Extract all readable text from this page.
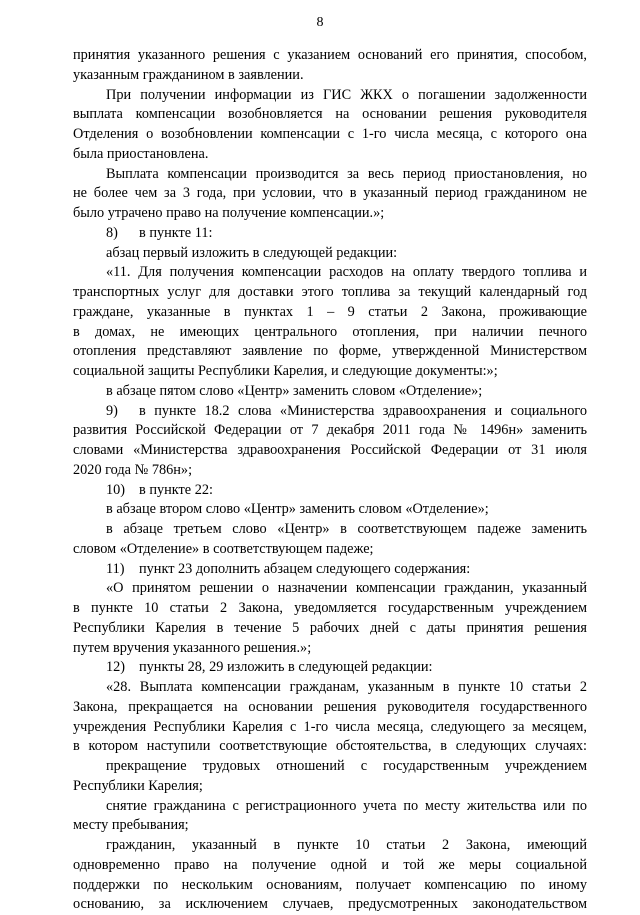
8
принятия указанного решения с указанием оснований его принятия, способом,
указанным гражданином в заявлении.
При получении информации из ГИС ЖКХ о погашении задолженности
выплата компенсации возобновляется на основании решения руководителя
Отделения о возобновлении компенсации с 1-го числа месяца, с которого она
была приостановлена.
Выплата компенсации производится за весь период приостановления, но
не более чем за 3 года, при условии, что в указанный период гражданином не
было утрачено право на получение компенсации.»;
8) в пункте 11:
абзац первый изложить в следующей редакции:
«11. Для получения компенсации расходов на оплату твердого топлива и
транспортных услуг для доставки этого топлива за текущий календарный год
граждане, указанные в пунктах 1 – 9 статьи 2 Закона, проживающие
в домах, не имеющих центрального отопления, при наличии печного
отопления представляют заявление по форме, утвержденной Министерством
социальной защиты Республики Карелия, и следующие документы:»;
в абзаце пятом слово «Центр» заменить словом «Отделение»;
9) в пункте 18.2 слова «Министерства здравоохранения и социального
развития Российской Федерации от 7 декабря 2011 года № 1496н» заменить
словами «Министерства здравоохранения Российской Федерации от 31 июля
2020 года № 786н»;
10) в пункте 22:
в абзаце втором слово «Центр» заменить словом «Отделение»;
в абзаце третьем слово «Центр» в соответствующем падеже заменить
словом «Отделение» в соответствующем падеже;
11) пункт 23 дополнить абзацем следующего содержания:
«О принятом решении о назначении компенсации гражданин, указанный
в пункте 10 статьи 2 Закона, уведомляется государственным учреждением
Республики Карелия в течение 5 рабочих дней с даты принятия решения
путем вручения указанного решения.»;
12) пункты 28, 29 изложить в следующей редакции:
«28. Выплата компенсации гражданам, указанным в пункте 10 статьи 2
Закона, прекращается на основании решения руководителя государственного
учреждения Республики Карелия с 1-го числа месяца, следующего за месяцем,
в котором наступили соответствующие обстоятельства, в следующих случаях:
прекращение трудовых отношений с государственным учреждением
Республики Карелия;
снятие гражданина с регистрационного учета по месту жительства или по
месту пребывания;
гражданин, указанный в пункте 10 статьи 2 Закона, имеющий
одновременно право на получение одной и той же меры социальной
поддержки по нескольким основаниям, получает компенсацию по иному
основанию, за исключением случаев, предусмотренных законодательством
